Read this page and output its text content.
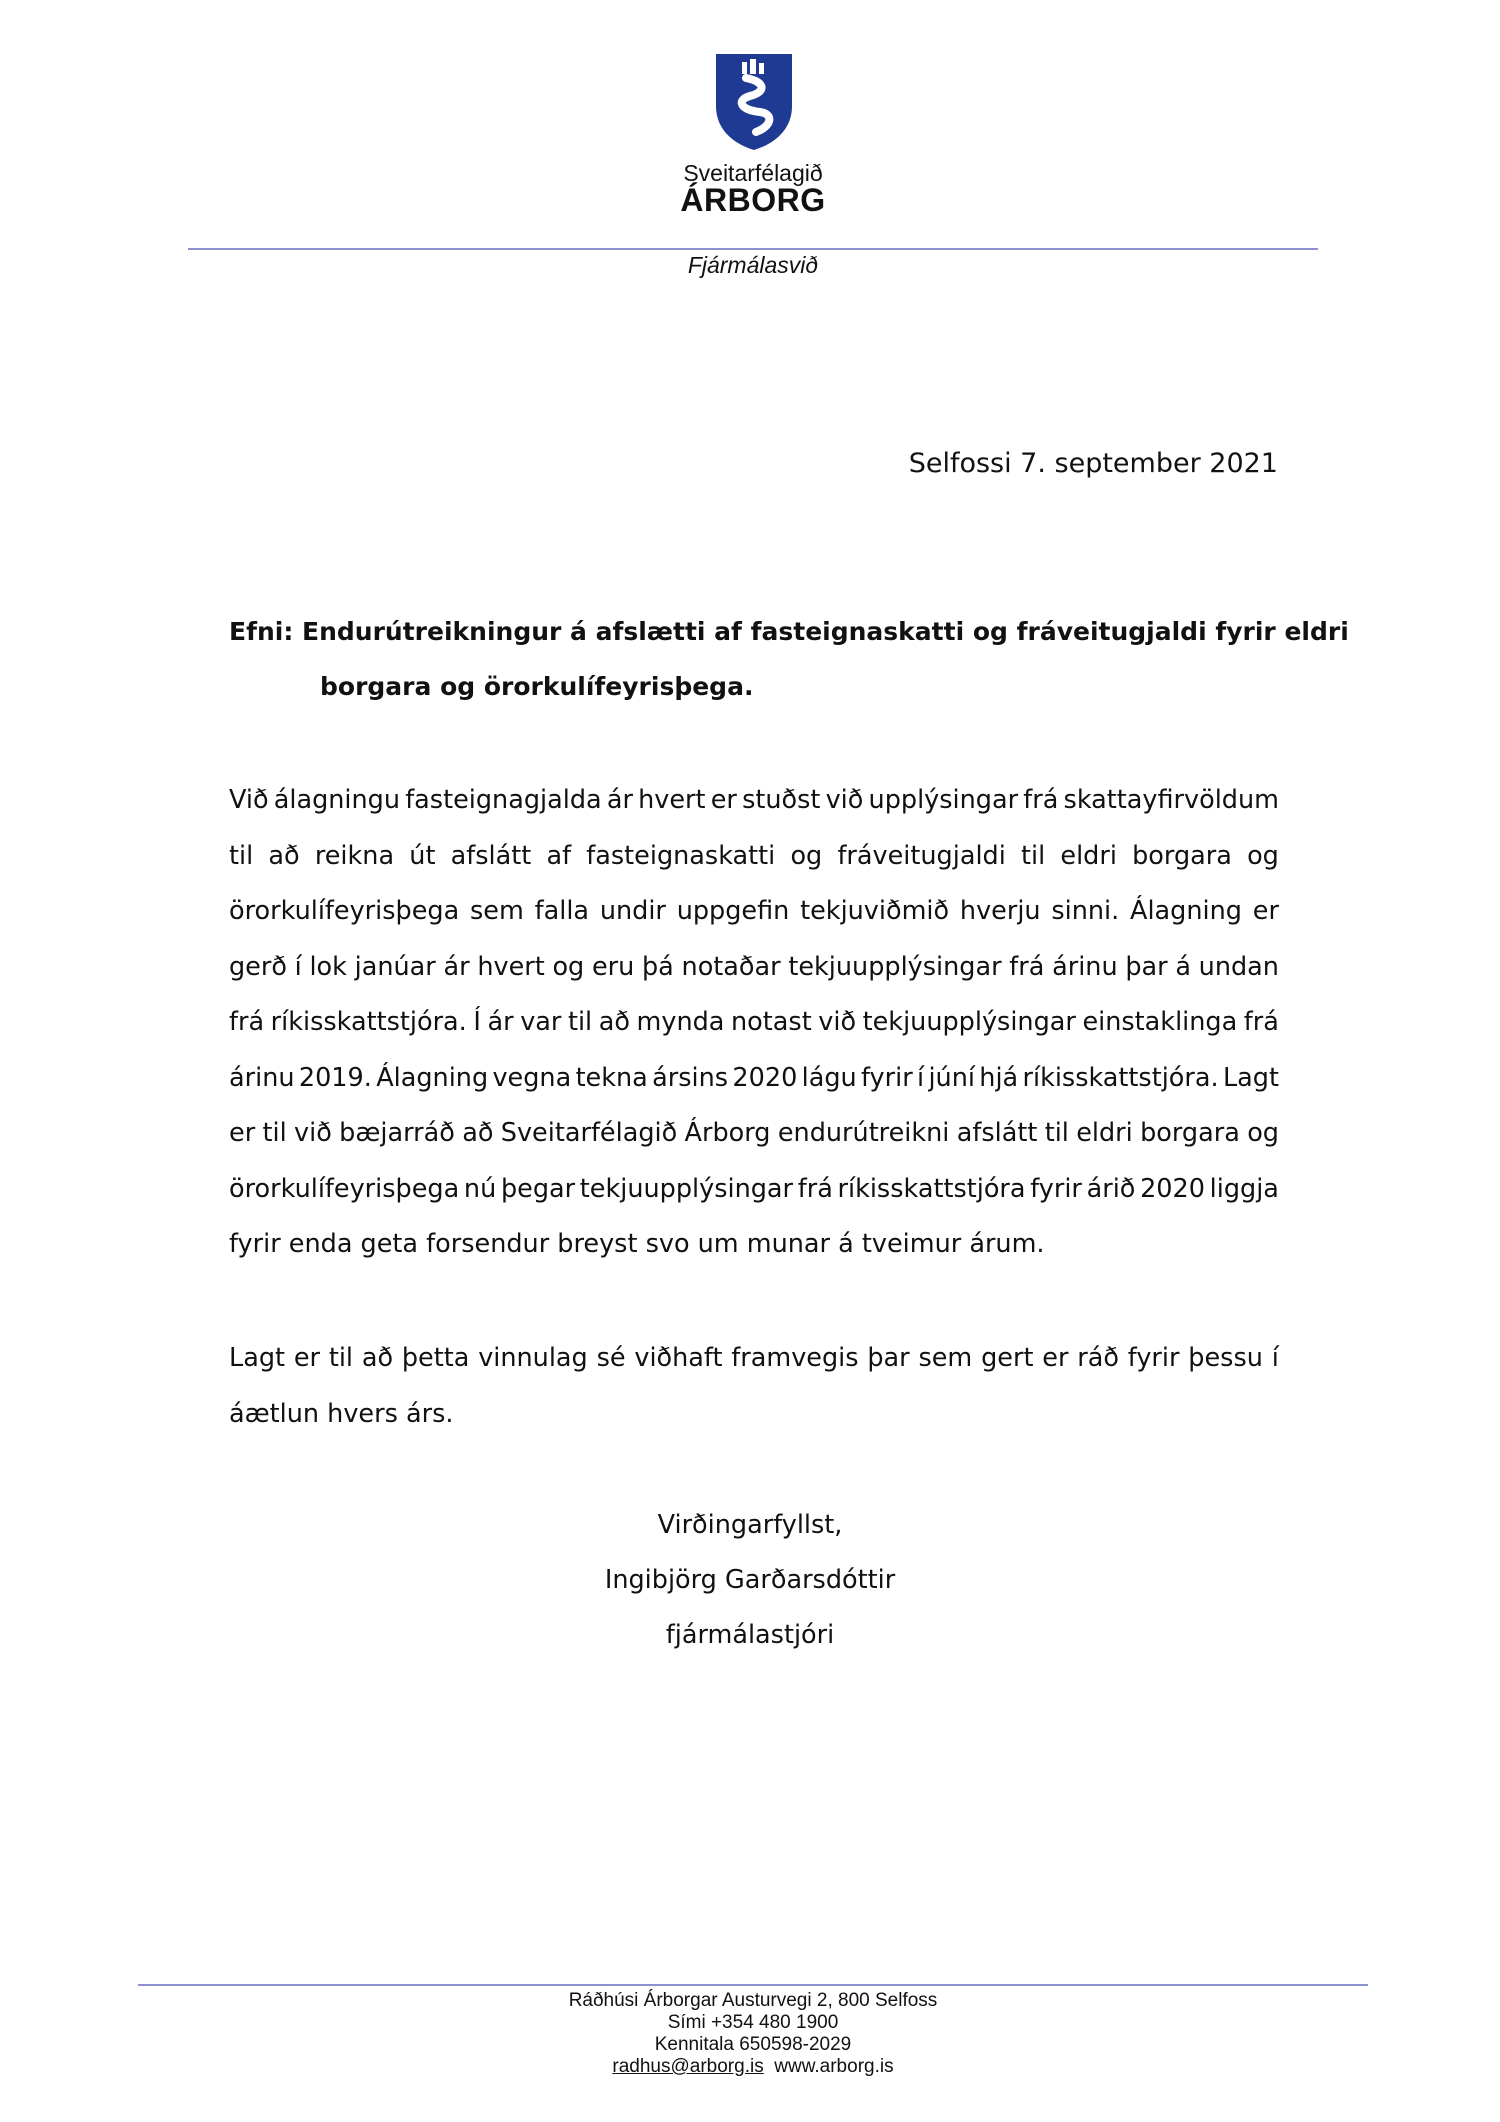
Sveitarfélagið
ÁRBORG
Fjármálasvið
Selfossi 7. september 2021
Efni: Endurútreikningur á afslætti af fasteignaskatti og fráveitugjaldi fyrir eldri
borgara og örorkulífeyrisþega.
Við álagningu fasteignagjalda ár hvert er stuðst við upplýsingar frá skattayfirvöldum
til að reikna út afslátt af fasteignaskatti og fráveitugjaldi til eldri borgara og
örorkulífeyrisþega sem falla undir uppgefin tekjuviðmið hverju sinni. Álagning er
gerð í lok janúar ár hvert og eru þá notaðar tekjuupplýsingar frá árinu þar á undan
frá ríkisskattstjóra. Í ár var til að mynda notast við tekjuupplýsingar einstaklinga frá
árinu 2019. Álagning vegna tekna ársins 2020 lágu fyrir í júní hjá ríkisskattstjóra. Lagt
er til við bæjarráð að Sveitarfélagið Árborg endurútreikni afslátt til eldri borgara og
örorkulífeyrisþega nú þegar tekjuupplýsingar frá ríkisskattstjóra fyrir árið 2020 liggja
fyrir enda geta forsendur breyst svo um munar á tveimur árum.
Lagt er til að þetta vinnulag sé viðhaft framvegis þar sem gert er ráð fyrir þessu í
áætlun hvers árs.
Virðingarfyllst,
Ingibjörg Garðarsdóttir
fjármálastjóri
Ráðhúsi Árborgar Austurvegi 2, 800 Selfoss
Sími +354 480 1900
Kennitala 650598-2029
radhus@arborg.is www.arborg.is
